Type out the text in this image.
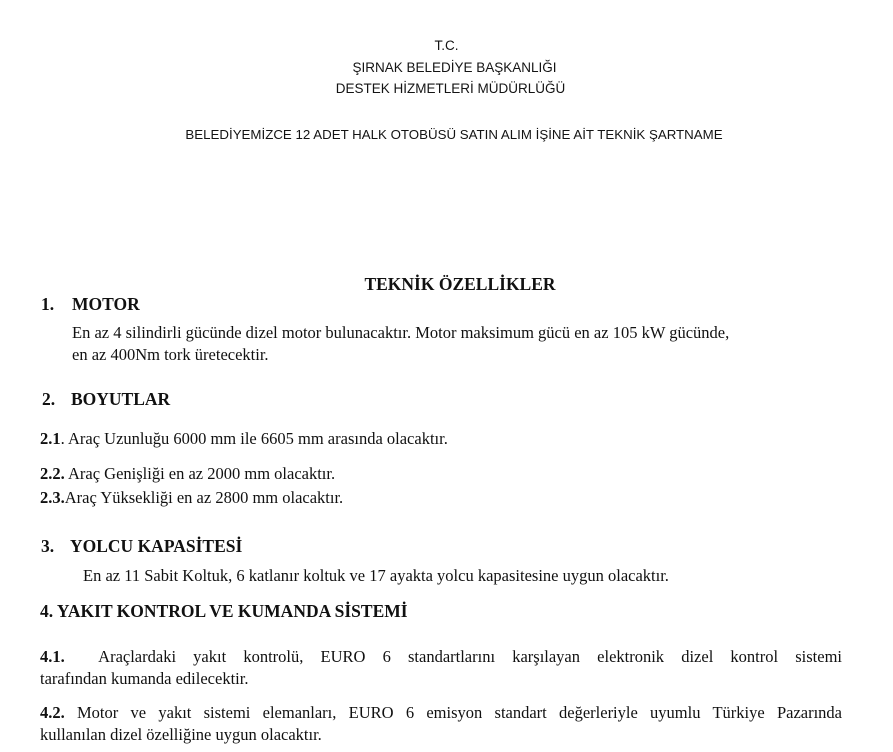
T.C.
ŞIRNAK BELEDİYE BAŞKANLIĞI
DESTEK HİZMETLERİ MÜDÜRLÜĞÜ
BELEDİYEMİZCE 12 ADET HALK OTOBÜSÜ SATIN ALIM İŞİNE AİT TEKNİK ŞARTNAME
TEKNİK ÖZELLİKLER
1. MOTOR
En az 4 silindirli gücünde dizel motor bulunacaktır. Motor maksimum gücü en az 105 kW gücünde,
en az 400Nm tork üretecektir.
2. BOYUTLAR
2.1. Araç Uzunluğu 6000 mm ile 6605 mm arasında olacaktır.
2.2. Araç Genişliği en az 2000 mm olacaktır.
2.3.Araç Yüksekliği en az 2800 mm olacaktır.
3. YOLCU KAPASİTESİ
En az 11 Sabit Koltuk, 6 katlanır koltuk ve 17 ayakta yolcu kapasitesine uygun olacaktır.
4. YAKIT KONTROL VE KUMANDA SİSTEMİ
4.1. Araçlardaki yakıt kontrolü, EURO 6 standartlarını karşılayan elektronik dizel kontrol sistemi
tarafından kumanda edilecektir.
4.2. Motor ve yakıt sistemi elemanları, EURO 6 emisyon standart değerleriyle uyumlu Türkiye Pazarında
kullanılan dizel özelliğine uygun olacaktır.
